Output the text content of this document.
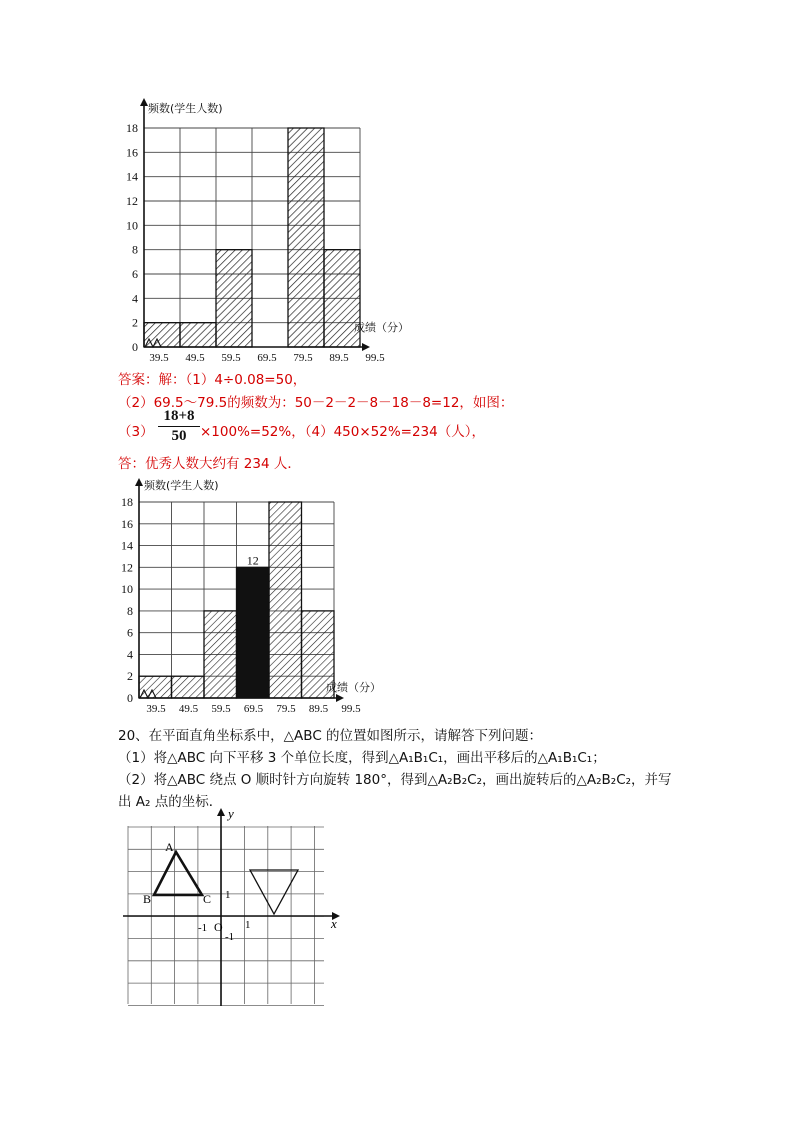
频数(学生人数)
成绩（分）
0
2
4
6
8
10
12
14
16
18
39.5 49.5 59.5 69.5 79.5 89.5 99.5
答案：解：（1）4÷0.08=50，
（2）69.5～79.5的频数为：50－2－2－8－18－8=12，如图：
$(3) \frac{18+8}{50} \times 100\%=52\%$，（4）450×52%=234（人），
答：优秀人数大约有 234 人．
频数(学生人数)
成绩（分）
12
0
2
4
6
8
10
12
14
16
18
39.5 49.5 59.5 69.5 79.5 89.5 99.5
20、在平面直角坐标系中，△ABC 的位置如图所示，请解答下列问题：
（1）将△ABC 向下平移 3 个单位长度，得到△A₁B₁C₁，画出平移后的△A₁B₁C₁；
（2）将△ABC 绕点 O 顺时针方向旋转 180°，得到△A₂B₂C₂，画出旋转后的△A₂B₂C₂，并写
出 A₂ 点的坐标．
y
x
O
-1	1
1
-1
A
B	C
